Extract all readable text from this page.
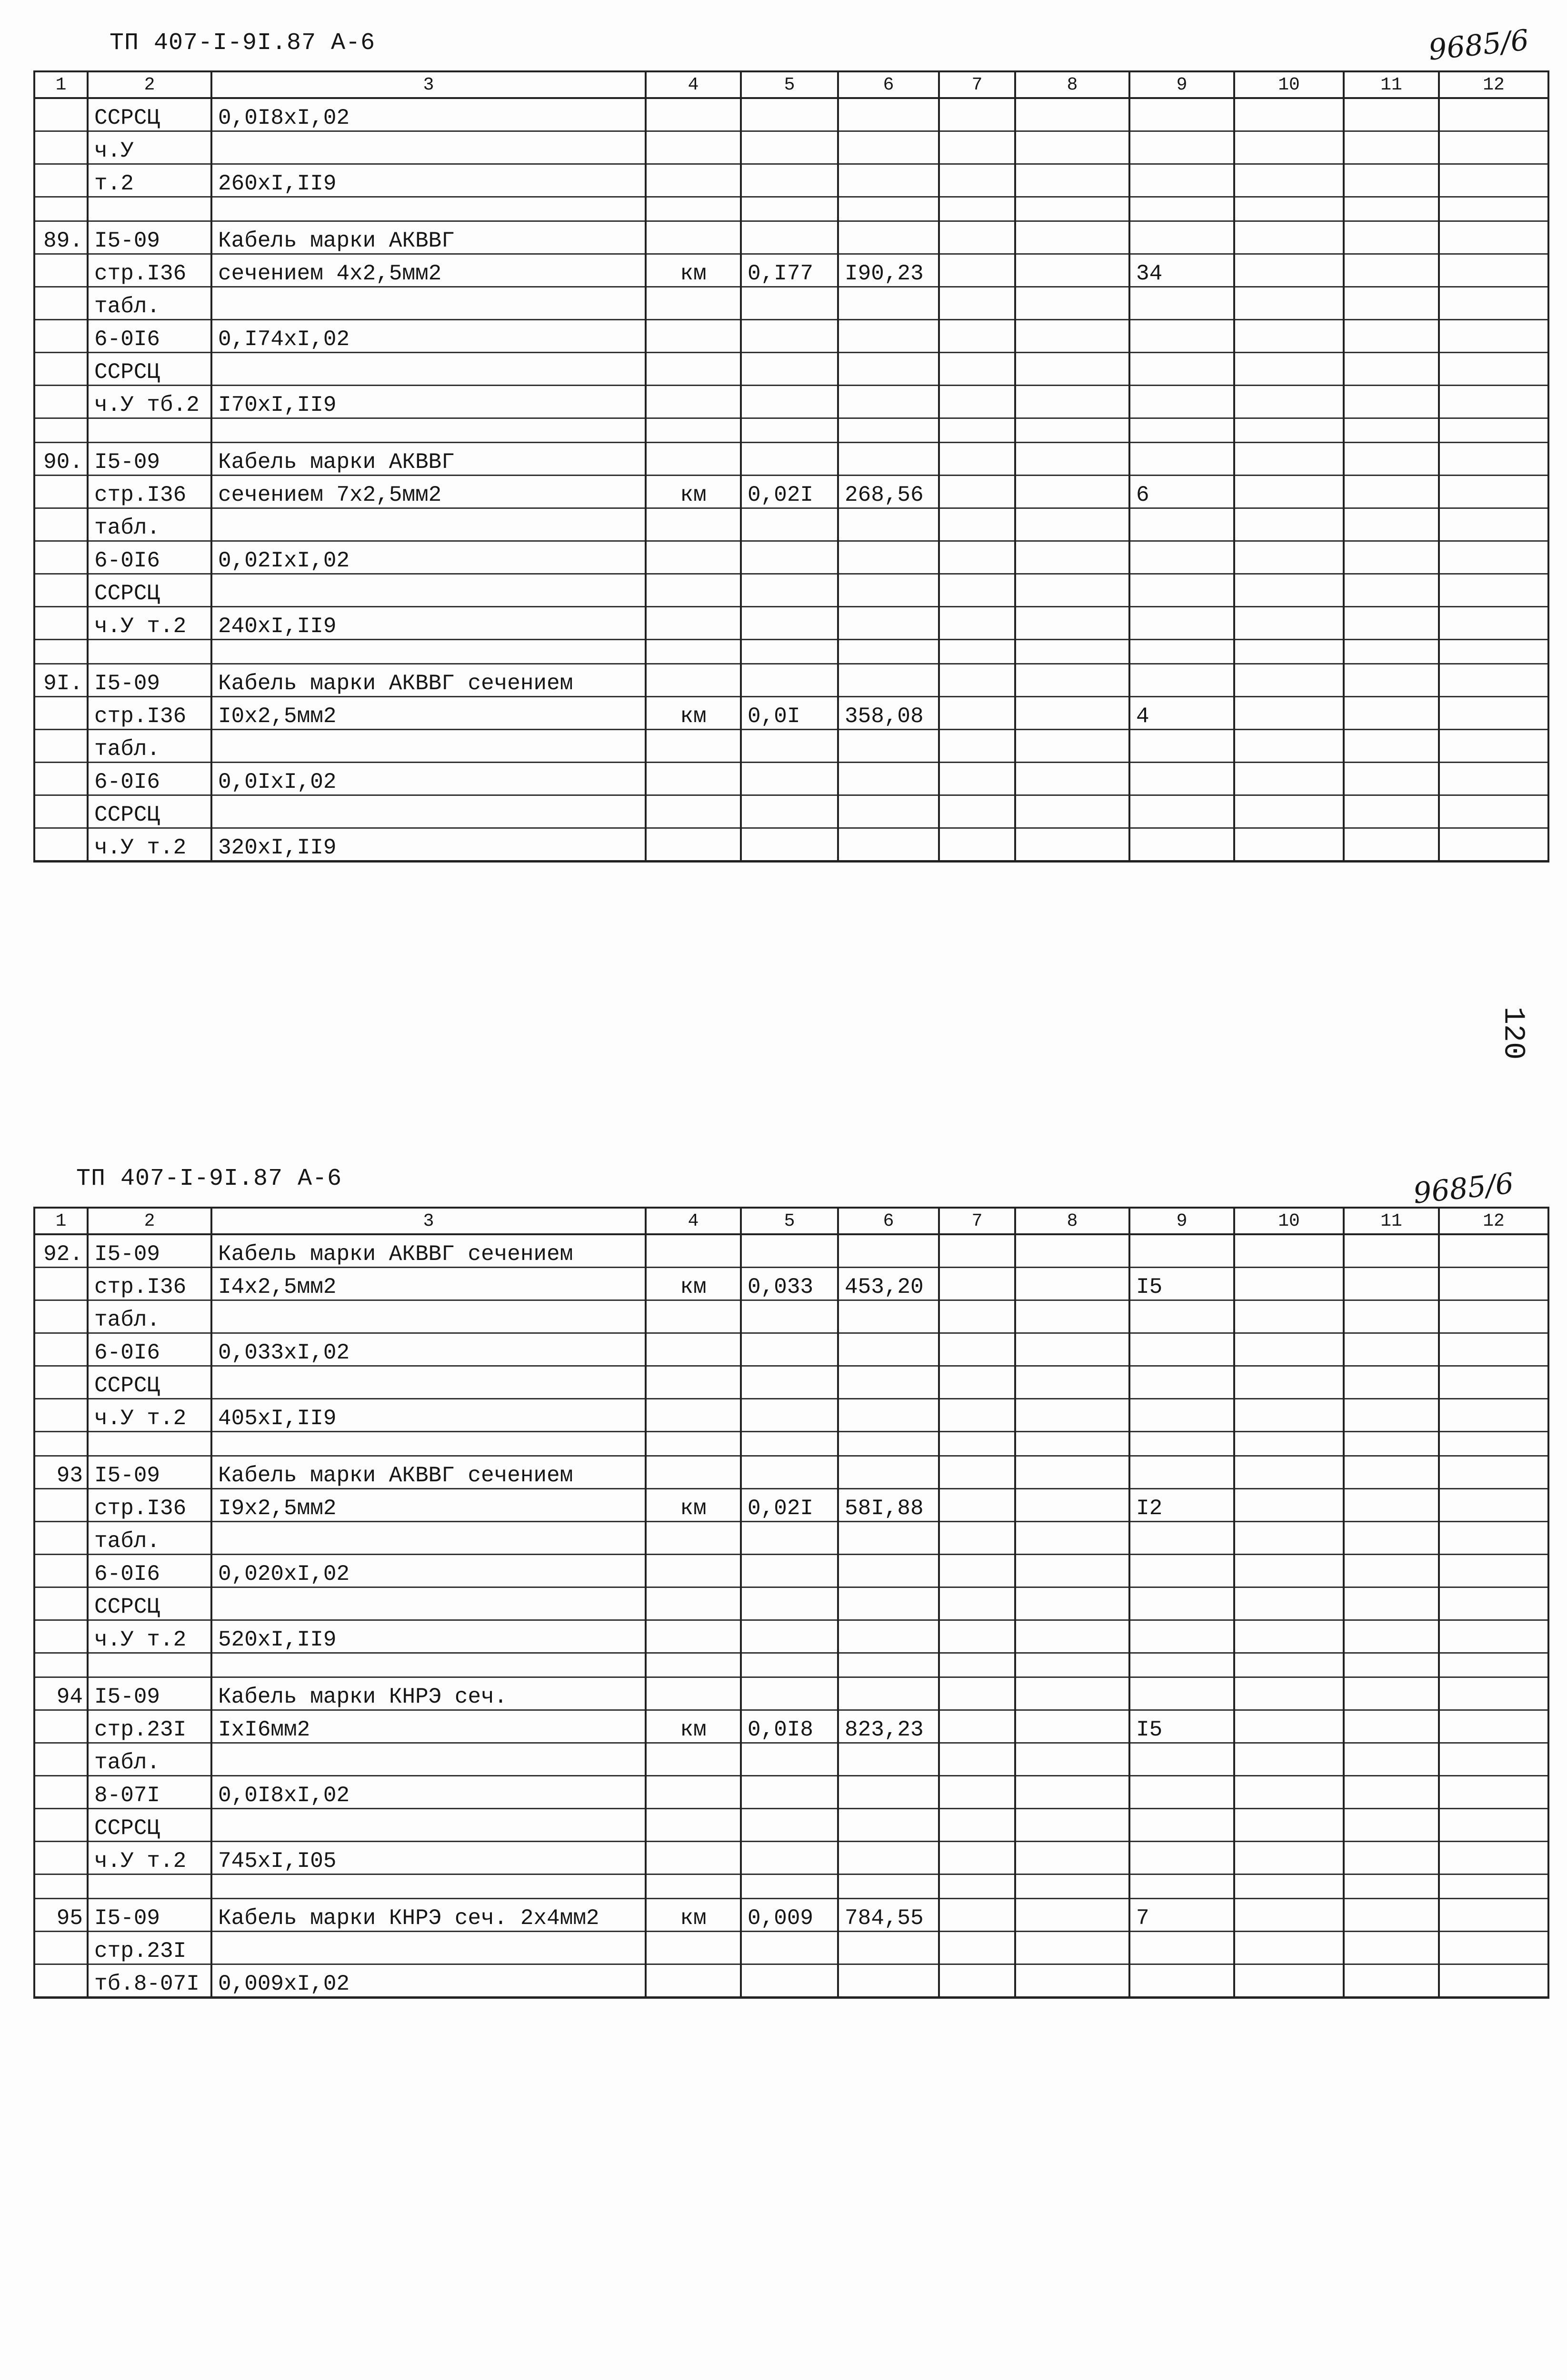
ТП 407-I-9I.87 А-6	9685/6
1	2	3	4	5	6	7	8	9	10	11	12
	ССРСЦ	0,0I8xI,02									
	ч.У										
	т.2	260xI,II9									

89.	I5-09	Кабель марки АКВВГ									
	стр.I36	сечением 4x2,5мм2	км	0,I77	I90,23			34			
	табл.										
	6-0I6	0,I74xI,02									
	ССРСЦ										
	ч.У тб.2	I70xI,II9									

90.	I5-09	Кабель марки АКВВГ									
	стр.I36	сечением 7x2,5мм2	км	0,02I	268,56			6			
	табл.										
	6-0I6	0,02IxI,02									
	ССРСЦ										
	ч.У т.2	240xI,II9									

9I.	I5-09	Кабель марки АКВВГ сечением									
	стр.I36	I0x2,5мм2	км	0,0I	358,08			4			
	табл.										
	6-0I6	0,0IxI,02									
	ССРСЦ										
	ч.У т.2	320xI,II9									
120
ТП 407-I-9I.87 А-6	9685/6
1	2	3	4	5	6	7	8	9	10	11	12
92.	I5-09	Кабель марки АКВВГ сечением									
	стр.I36	I4x2,5мм2	км	0,033	453,20			I5			
	табл.										
	6-0I6	0,033xI,02									
	ССРСЦ										
	ч.У т.2	405xI,II9									

93	I5-09	Кабель марки АКВВГ сечением									
	стр.I36	I9x2,5мм2	км	0,02I	58I,88			I2			
	табл.										
	6-0I6	0,020xI,02									
	ССРСЦ										
	ч.У т.2	520xI,II9									

94	I5-09	Кабель марки КНРЭ сеч.									
	стр.23I	IxI6мм2	км	0,0I8	823,23			I5			
	табл.										
	8-07I	0,0I8xI,02									
	ССРСЦ										
	ч.У т.2	745xI,I05									

95	I5-09	Кабель марки КНРЭ сеч. 2x4мм2	км	0,009	784,55			7			
	стр.23I										
	тб.8-07I	0,009xI,02									
